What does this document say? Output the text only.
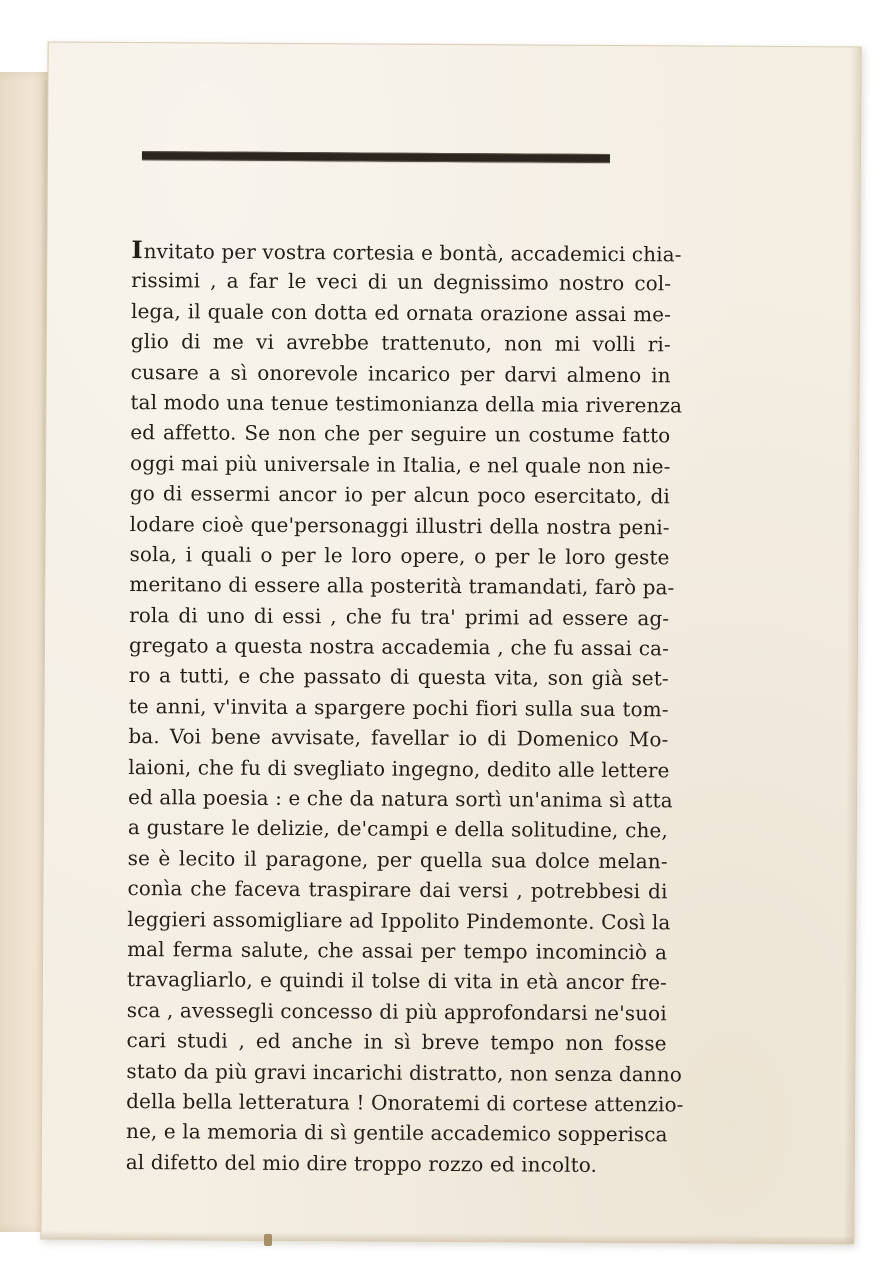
Invitato per vostra cortesia e bontà, accademici chia-
rissimi , a far le veci di un degnissimo nostro col-
lega, il quale con dotta ed ornata orazione assai me-
glio di me vi avrebbe trattenuto, non mi volli ri-
cusare a sì onorevole incarico per darvi almeno in
tal modo una tenue testimonianza della mia riverenza
ed affetto. Se non che per seguire un costume fatto
oggi mai più universale in Italia, e nel quale non nie-
go di essermi ancor io per alcun poco esercitato, di
lodare cioè que'personaggi illustri della nostra peni-
sola, i quali o per le loro opere, o per le loro geste
meritano di essere alla posterità tramandati, farò pa-
rola di uno di essi , che fu tra' primi ad essere ag-
gregato a questa nostra accademia , che fu assai ca-
ro a tutti, e che passato di questa vita, son già set-
te anni, v'invita a spargere pochi fiori sulla sua tom-
ba. Voi bene avvisate, favellar io di Domenico Mo-
laioni, che fu di svegliato ingegno, dedito alle lettere
ed alla poesia : e che da natura sortì un'anima sì atta
a gustare le delizie, de'campi e della solitudine, che,
se è lecito il paragone, per quella sua dolce melan-
conìa che faceva traspirare dai versi , potrebbesi di
leggieri assomigliare ad Ippolito Pindemonte. Così la
mal ferma salute, che assai per tempo incominciò a
travagliarlo, e quindi il tolse di vita in età ancor fre-
sca , avessegli concesso di più approfondarsi ne'suoi
cari studi , ed anche in sì breve tempo non fosse
stato da più gravi incarichi distratto, non senza danno
della bella letteratura ! Onoratemi di cortese attenzio-
ne, e la memoria di sì gentile accademico sopperisca
al difetto del mio dire troppo rozzo ed incolto.
